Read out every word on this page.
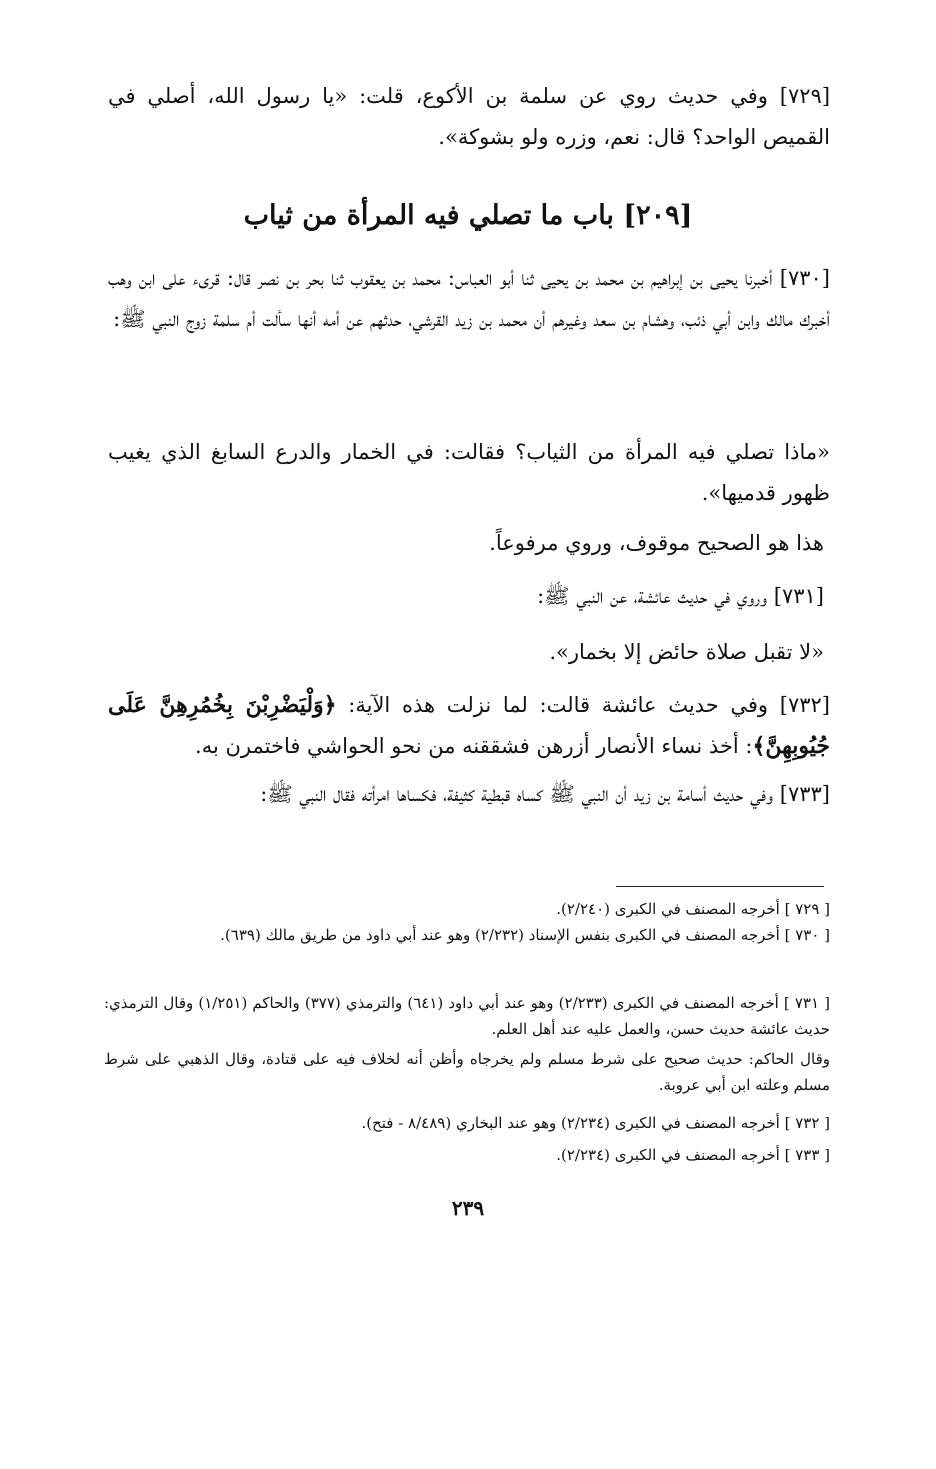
[٧٢٩] وفي حديث روي عن سلمة بن الأكوع، قلت: «يا رسول الله، أصلي في القميص الواحد؟ قال: نعم، وزره ولو بشوكة».
[٢٠٩] باب ما تصلي فيه المرأة من ثياب
[٧٣٠] أخبرنا يحيى بن إبراهيم بن محمد بن يحيى ثنا أبو العباس: محمد بن يعقوب ثنا بحر بن نصر قال: قرىء على ابن وهب أخبرك مالك وابن أبي ذئب، وهشام بن سعد وغيرهم أن محمد بن زيد القرشي، حدثهم عن أمه أنها سألت أم سلمة زوج النبي ﷺ:
«ماذا تصلي فيه المرأة من الثياب؟ فقالت: في الخمار والدرع السابغ الذي يغيب ظهور قدميها».
هذا هو الصحيح موقوف، وروي مرفوعاً.
[٧٣١] وروي في حديث عائشة، عن النبي ﷺ:
«لا تقبل صلاة حائض إلا بخمار».
[٧٣٢] وفي حديث عائشة قالت: لما نزلت هذه الآية: ﴿وَلْيَضْرِبْنَ بِخُمُرِهِنَّ عَلَى جُيُوبِهِنَّ﴾: أخذ نساء الأنصار أزرهن فشققنه من نحو الحواشي فاختمرن به.
[٧٣٣] وفي حديث أسامة بن زيد أن النبي ﷺ كساه قبطية كثيفة، فكساها امرأته فقال النبي ﷺ:
[ ٧٢٩ ] أخرجه المصنف في الكبرى (٢/٢٤٠).
[ ٧٣٠ ] أخرجه المصنف في الكبرى بنفس الإسناد (٢/٢٣٢) وهو عند أبي داود من طريق مالك (٦٣٩).
[ ٧٣١ ] أخرجه المصنف في الكبرى (٢/٢٣٣) وهو عند أبي داود (٦٤١) والترمذي (٣٧٧) والحاكم (١/٢٥١) وقال الترمذي: حديث عائشة حديث حسن، والعمل عليه عند أهل العلم.
وقال الحاكم: حديث صحيح على شرط مسلم ولم يخرجاه وأظن أنه لخلاف فيه على قتادة، وقال الذهبي على شرط مسلم وعلته ابن أبي عروبة.
[ ٧٣٢ ] أخرجه المصنف في الكبرى (٢/٢٣٤) وهو عند البخاري (٨/٤٨٩ - فتح).
[ ٧٣٣ ] أخرجه المصنف في الكبرى (٢/٢٣٤).
٢٣٩
